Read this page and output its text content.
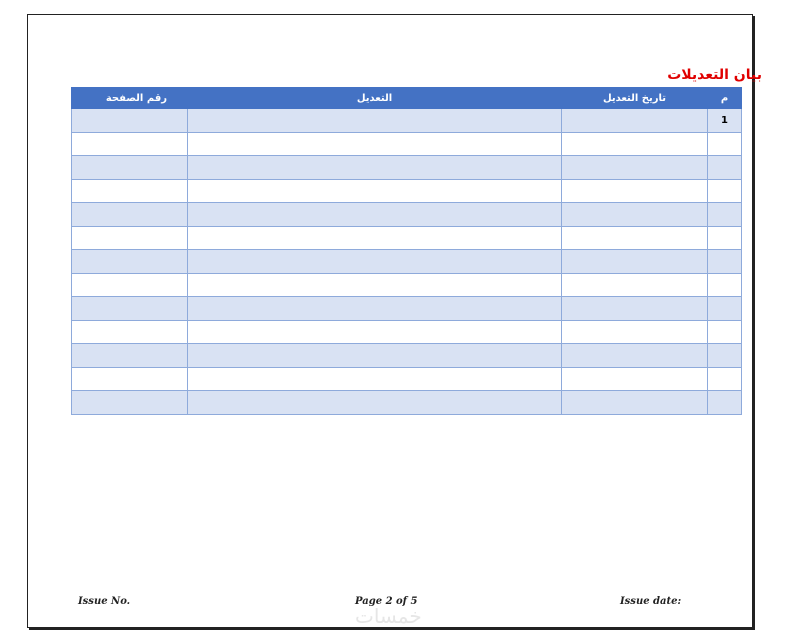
بيان التعديلات
م	تاريخ التعديل	التعديل	رقم الصفحة
1			

Issue No.	Page 2 of 5	Issue date:
خمسات
